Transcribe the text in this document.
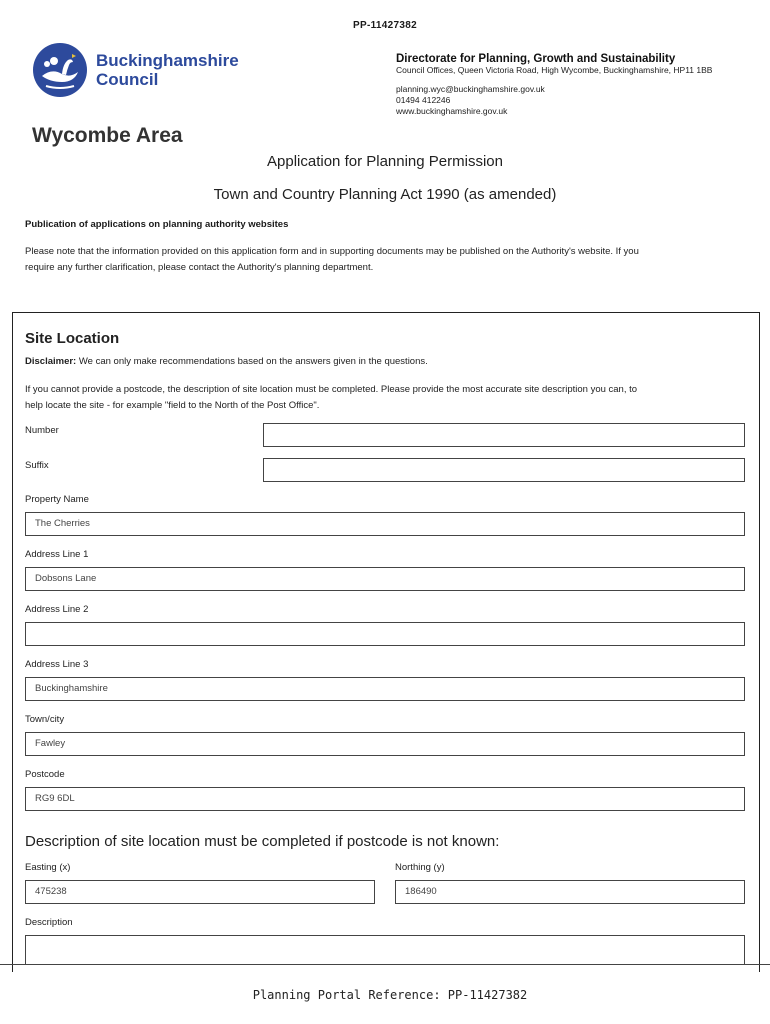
PP-11427382
Buckinghamshire
Council
Directorate for Planning, Growth and Sustainability
Council Offices, Queen Victoria Road, High Wycombe, Buckinghamshire, HP11 1BB
planning.wyc@buckinghamshire.gov.uk
01494 412246
www.buckinghamshire.gov.uk
Wycombe Area
Application for Planning Permission
Town and Country Planning Act 1990 (as amended)
Publication of applications on planning authority websites
Please note that the information provided on this application form and in supporting documents may be published on the Authority's website. If you
require any further clarification, please contact the Authority's planning department.
Site Location
Disclaimer: We can only make recommendations based on the answers given in the questions.
If you cannot provide a postcode, the description of site location must be completed. Please provide the most accurate site description you can, to
help locate the site - for example "field to the North of the Post Office".
Number
Suffix
Property Name
The Cherries
Address Line 1
Dobsons Lane
Address Line 2
Address Line 3
Buckinghamshire
Town/city
Fawley
Postcode
RG9 6DL
Description of site location must be completed if postcode is not known:
Easting (x)
475238
Northing (y)
186490
Description
Planning Portal Reference: PP-11427382
